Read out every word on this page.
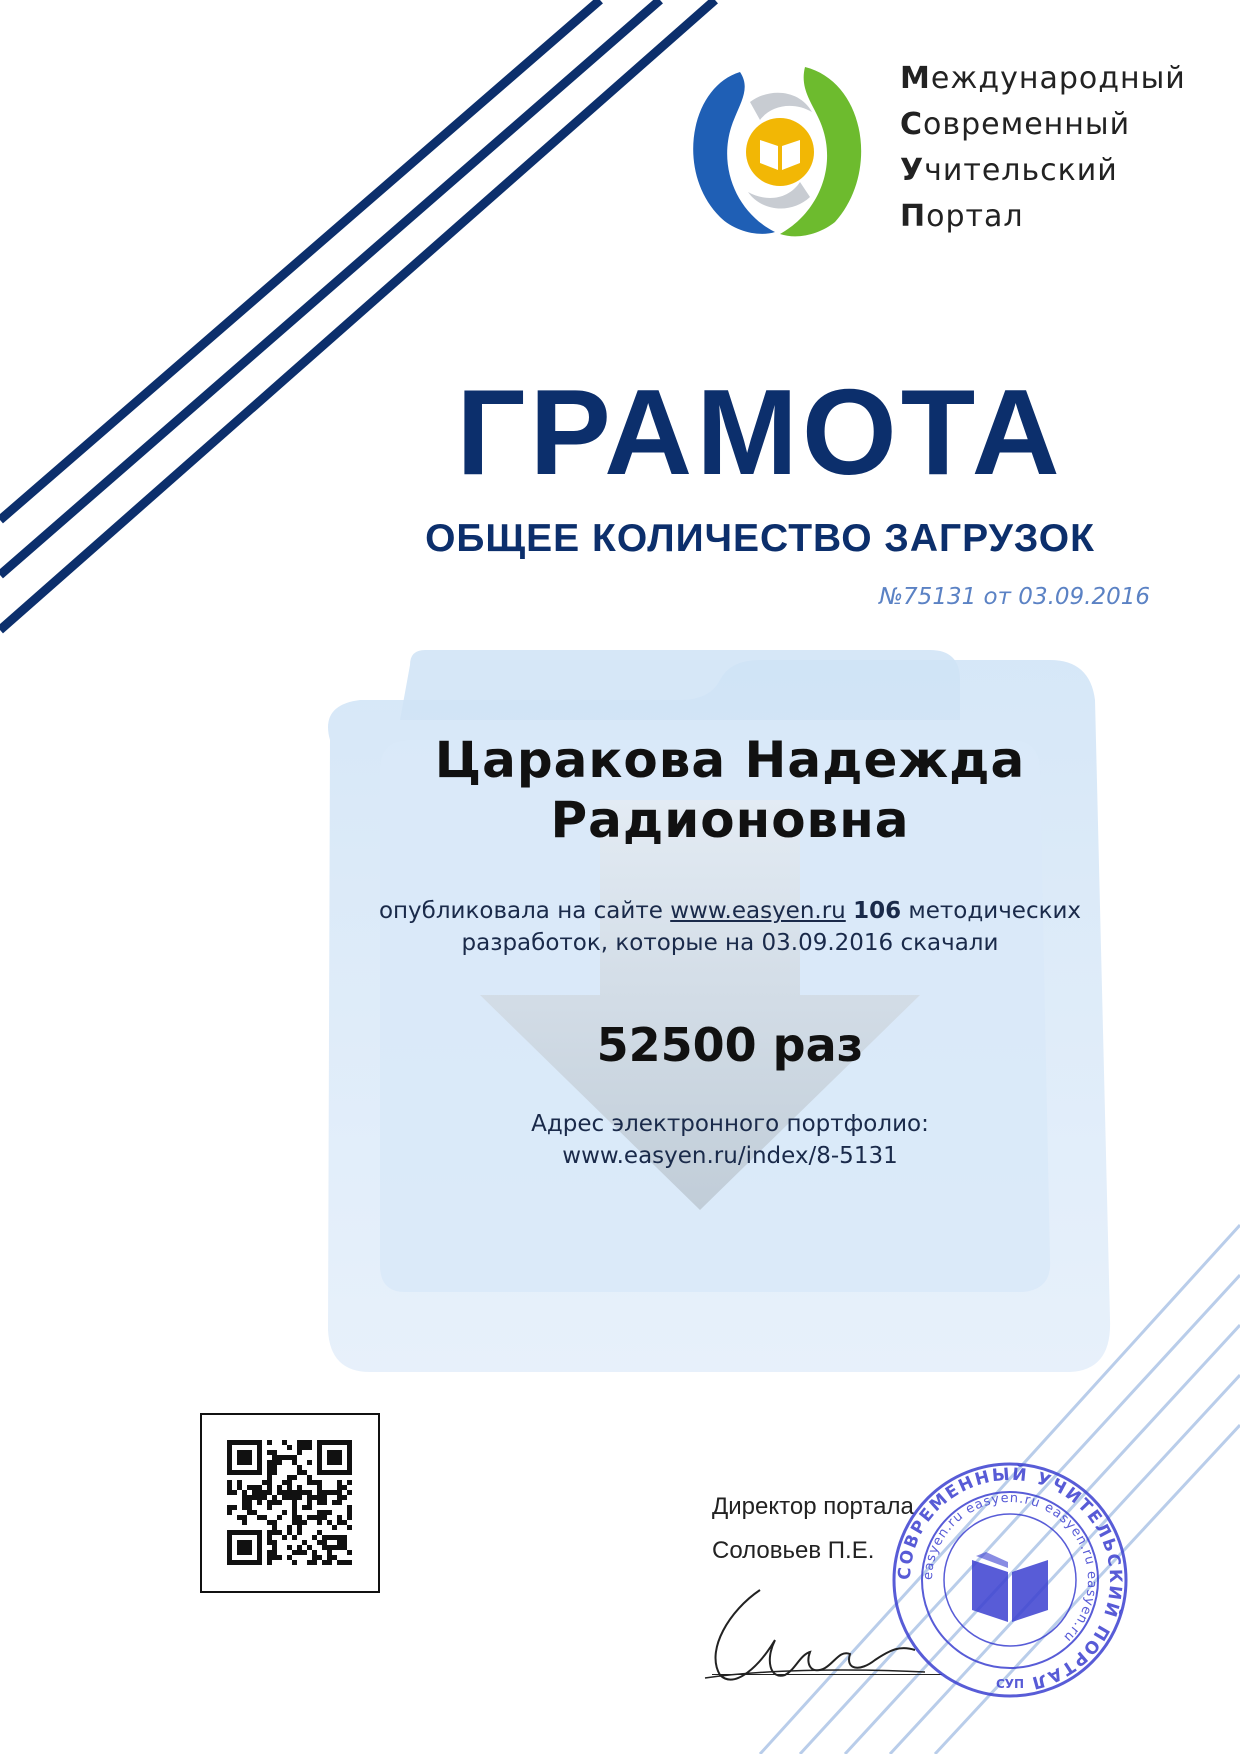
Международный
Современный
Учительский
Портал
ГРАМОТА
ОБЩЕЕ КОЛИЧЕСТВО ЗАГРУЗОК
№75131 от 03.09.2016
Царакова Надежда
Радионовна
опубликовала на сайте www.easyen.ru 106 методических
разработок, которые на 03.09.2016 скачали
52500 раз
Адрес электронного портфолио:
www.easyen.ru/index/8-5131
Директор портала
Соловьев П.Е.
СОВРЕМЕННЫЙ УЧИТЕЛЬСКИЙ ПОРТАЛ
easyen.ru easyen.ru easyen.ru easyen.ru
СУП
